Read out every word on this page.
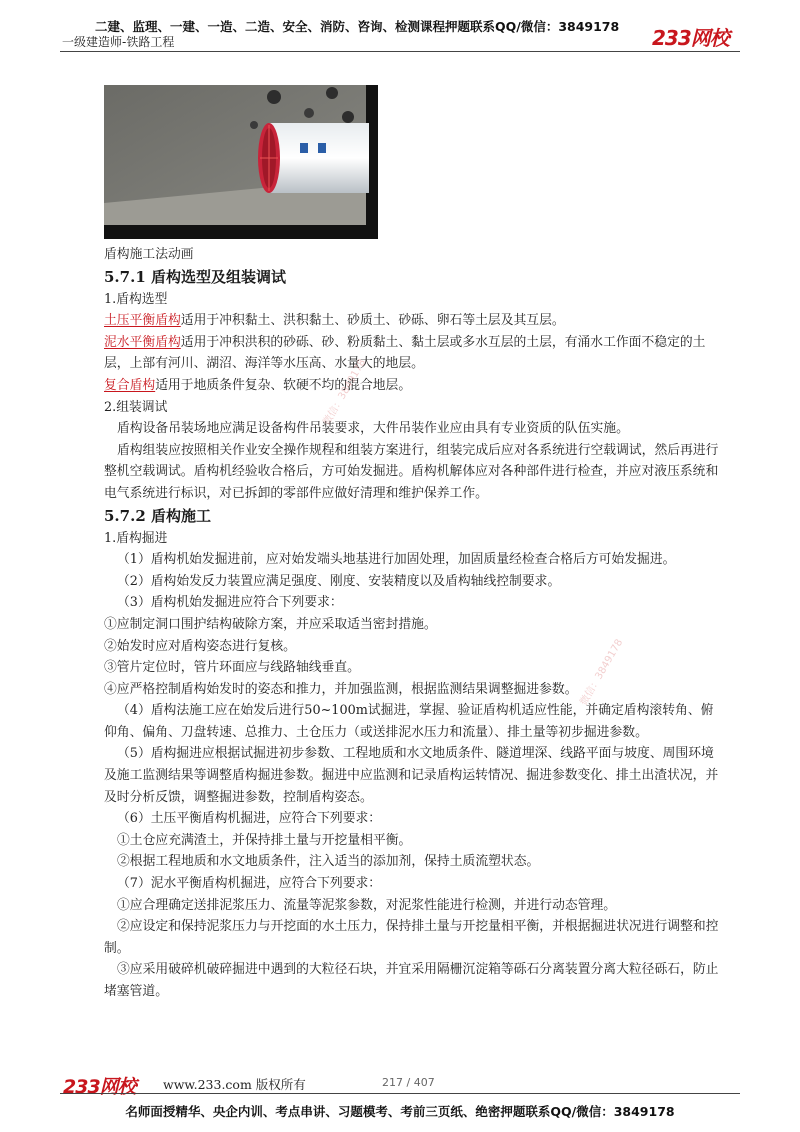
二建、监理、一建、一造、二造、安全、消防、咨询、检测课程押题联系QQ/微信：3849178
一级建造师-铁路工程	233网校

盾构施工法动画

5.7.1 盾构选型及组装调试

1.盾构选型

土压平衡盾构适用于冲积黏土、洪积黏土、砂质土、砂砾、卵石等土层及其互层。

泥水平衡盾构适用于冲积洪积的砂砾、砂、粉质黏土、黏土层或多水互层的土层，有涌水工作面不稳定的土层，上部有河川、湖沼、海洋等水压高、水量大的地层。

复合盾构适用于地质条件复杂、软硬不均的混合地层。

2.组装调试

盾构设备吊装场地应满足设备构件吊装要求，大件吊装作业应由具有专业资质的队伍实施。

盾构组装应按照相关作业安全操作规程和组装方案进行，组装完成后应对各系统进行空载调试，然后再进行整机空载调试。盾构机经验收合格后，方可始发掘进。盾构机解体应对各种部件进行检查，并应对液压系统和电气系统进行标识，对已拆卸的零部件应做好清理和维护保养工作。

5.7.2 盾构施工

1.盾构掘进

（1）盾构机始发掘进前，应对始发端头地基进行加固处理，加固质量经检查合格后方可始发掘进。

（2）盾构始发反力装置应满足强度、刚度、安装精度以及盾构轴线控制要求。

（3）盾构机始发掘进应符合下列要求：

①应制定洞口围护结构破除方案，并应采取适当密封措施。

②始发时应对盾构姿态进行复核。

③管片定位时，管片环面应与线路轴线垂直。

④应严格控制盾构始发时的姿态和推力，并加强监测，根据监测结果调整掘进参数。

（4）盾构法施工应在始发后进行50~100m试掘进，掌握、验证盾构机适应性能，并确定盾构滚转角、俯仰角、偏角、刀盘转速、总推力、土仓压力（或送排泥水压力和流量）、排土量等初步掘进参数。

（5）盾构掘进应根据试掘进初步参数、工程地质和水文地质条件、隧道埋深、线路平面与坡度、周围环境及施工监测结果等调整盾构掘进参数。掘进中应监测和记录盾构运转情况、掘进参数变化、排土出渣状况，并及时分析反馈，调整掘进参数，控制盾构姿态。

（6）土压平衡盾构机掘进，应符合下列要求：

①土仓应充满渣土，并保持排土量与开挖量相平衡。

②根据工程地质和水文地质条件，注入适当的添加剂，保持土质流塑状态。

（7）泥水平衡盾构机掘进，应符合下列要求：

①应合理确定送排泥浆压力、流量等泥浆参数，对泥浆性能进行检测，并进行动态管理。

②应设定和保持泥浆压力与开挖面的水土压力，保持排土量与开挖量相平衡，并根据掘进状况进行调整和控制。

③应采用破碎机破碎掘进中遇到的大粒径石块，并宜采用隔栅沉淀箱等砾石分离装置分离大粒径砾石，防止堵塞管道。

微信：3849178
微信：3849178
233网校 www.233.com 版权所有	217 / 407
名师面授精华、央企内训、考点串讲、习题模考、考前三页纸、绝密押题联系QQ/微信：3849178
